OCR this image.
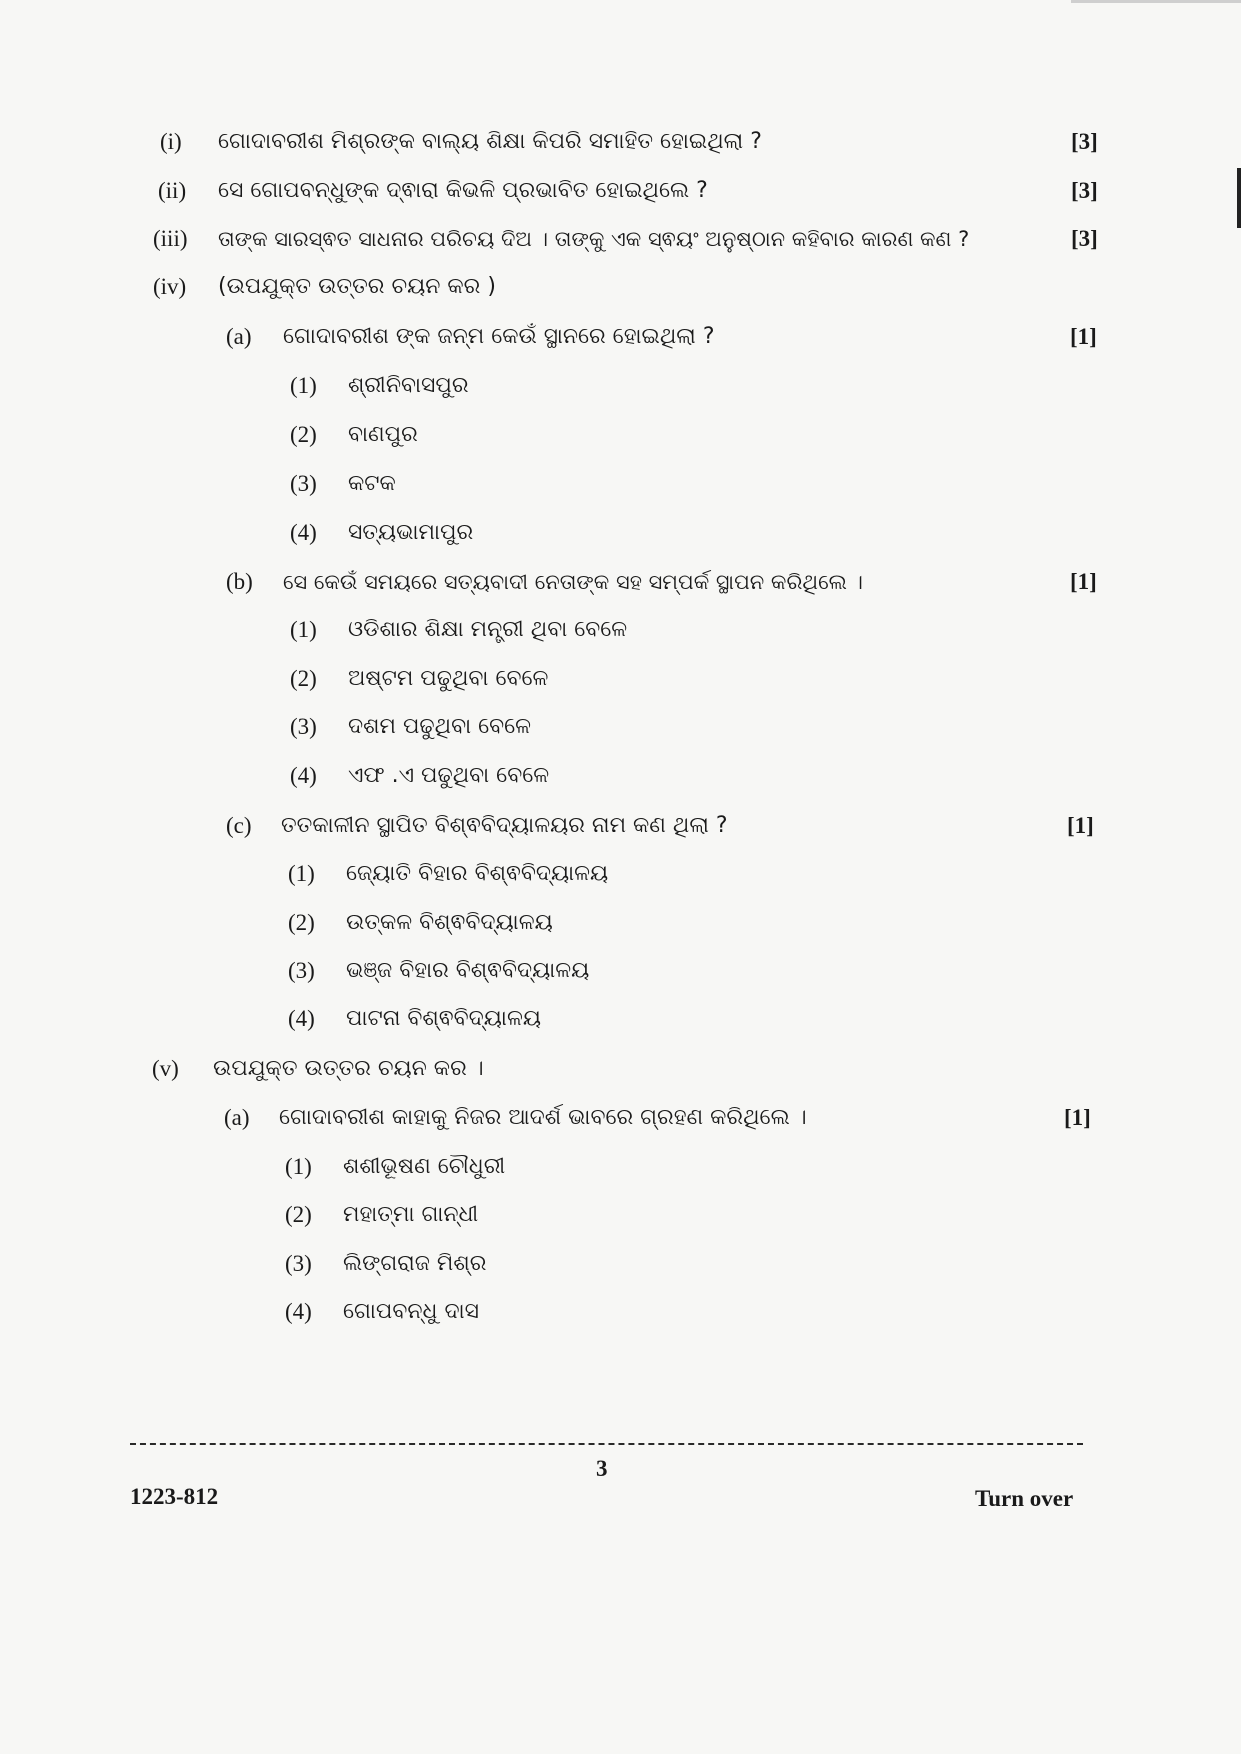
(i) ଗୋଦାବରୀଶ ମିଶ୍ରଙ୍କ ବାଲ୍ୟ ଶିକ୍ଷା କିପରି ସମାହିତ ହୋଇଥିଲା ?	[3]
(ii) ସେ ଗୋପବନ୍ଧୁଙ୍କ ଦ୍ଵାରା କିଭଳି ପ୍ରଭାବିତ ହୋଇଥିଲେ ?	[3]
(iii) ତାଙ୍କ ସାରସ୍ଵତ ସାଧନାର ପରିଚୟ ଦିଅ । ତାଙ୍କୁ ଏକ ସ୍ଵୟଂ ଅନୁଷ୍ଠାନ କହିବାର କାରଣ କଣ ?	[3]
(iv) (ଉପଯୁକ୍ତ ଉତ୍ତର ଚୟନ କର )
(a) ଗୋଦାବରୀଶ ଙ୍କ ଜନ୍ମ କେଉଁ ସ୍ଥାନରେ ହୋଇଥିଲା ?	[1]
(1) ଶ୍ରୀନିବାସପୁର
(2) ବାଣପୁର
(3) କଟକ
(4) ସତ୍ୟଭାମାପୁର
(b) ସେ କେଉଁ ସମୟରେ ସତ୍ୟବାଦୀ ନେତାଙ୍କ ସହ ସମ୍ପର୍କ ସ୍ଥାପନ କରିଥିଲେ ।	[1]
(1) ଓଡିଶାର ଶିକ୍ଷା ମନ୍ତ୍ରୀ ଥିବା ବେଳେ
(2) ଅଷ୍ଟମ ପଢୁଥିବା ବେଳେ
(3) ଦଶମ ପଢୁଥିବା ବେଳେ
(4) ଏଫ .ଏ ପଢୁଥିବା ବେଳେ
(c) ତତକାଳୀନ ସ୍ଥାପିତ ବିଶ୍ଵବିଦ୍ୟାଳୟର ନାମ କଣ ଥିଲା ?	[1]
(1) ଜ୍ୟୋତି ବିହାର ବିଶ୍ଵବିଦ୍ୟାଳୟ
(2) ଉତ୍କଳ ବିଶ୍ଵବିଦ୍ୟାଳୟ
(3) ଭଞ୍ଜ ବିହାର ବିଶ୍ଵବିଦ୍ୟାଳୟ
(4) ପାଟନା ବିଶ୍ଵବିଦ୍ୟାଳୟ
(v) ଉପଯୁକ୍ତ ଉତ୍ତର ଚୟନ କର ।
(a) ଗୋଦାବରୀଶ କାହାକୁ ନିଜର ଆଦର୍ଶ ଭାବରେ ଗ୍ରହଣ କରିଥିଲେ ।	[1]
(1) ଶଶୀଭୂଷଣ ଚୌଧୁରୀ
(2) ମହାତ୍ମା ଗାନ୍ଧୀ
(3) ଲିଙ୍ଗରାଜ ମିଶ୍ର
(4) ଗୋପବନ୍ଧୁ ଦାସ
3
1223-812	Turn over
